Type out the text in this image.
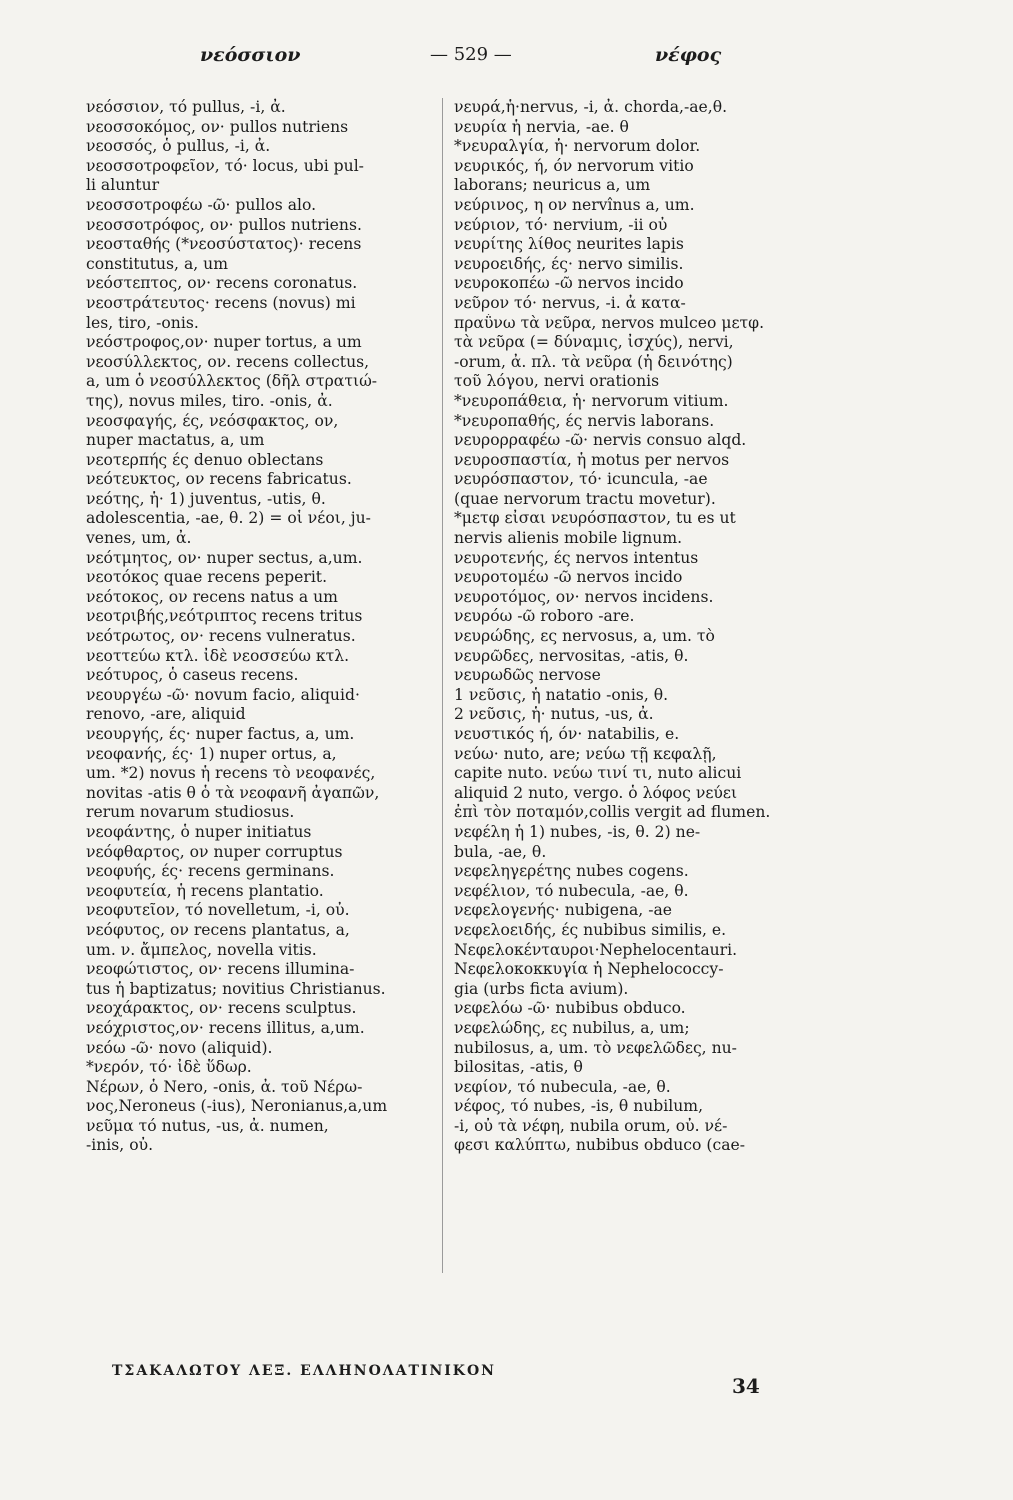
νεόσσιον	— 529 —	νέφος
νεόσσιον, τό pullus, -i, ἀ.
νεοσσοκόμος, ον· pullos nutriens
νεοσσός, ὁ pullus, -i, ἀ.
νεοσσοτροφεῖον, τό· locus, ubi pul-
li aluntur
νεοσσοτροφέω -ῶ· pullos alo.
νεοσσοτρόφος, ον· pullos nutriens.
νεοσταθής (*νεοσύστατος)· recens
constitutus, a, um
νεόστεπτος, ον· recens coronatus.
νεοστράτευτος· recens (novus) mi
les, tiro, -onis.
νεόστροφος,ον· nuper tortus, a um
νεοσύλλεκτος, ον. recens collectus,
a, um ὁ νεοσύλλεκτος (δῆλ στρατιώ-
της), novus miles, tiro. -onis, ἀ.
νεοσφαγής, ές, νεόσφακτος, ον,
nuper mactatus, a, um
νεοτερπής ές denuo oblectans
νεότευκτος, ον recens fabricatus.
νεότης, ἡ· 1) juventus, -utis, θ.
adolescentia, -ae, θ. 2) = οἱ νέοι, ju-
venes, um, ἀ.
νεότμητος, ον· nuper sectus, a,um.
νεοτόκος quae recens peperit.
νεότοκος, ον recens natus a um
νεοτριβής,νεότριπτος recens tritus
νεότρωτος, ον· recens vulneratus.
νεοττεύω κτλ. ἰδὲ νεοσσεύω κτλ.
νεότυρος, ὁ caseus recens.
νεουργέω -ῶ· novum facio, aliquid·
renovo, -are, aliquid
νεουργής, ές· nuper factus, a, um.
νεοφανής, ές· 1) nuper ortus, a,
um. *2) novus ἡ recens τὸ νεοφανές,
novitas -atis θ ὁ τὰ νεοφανῆ ἀγαπῶν,
rerum novarum studiosus.
νεοφάντης, ὁ nuper initiatus
νεόφθαρτος, ον nuper corruptus
νεοφυής, ές· recens germinans.
νεοφυτεία, ἡ recens plantatio.
νεοφυτεῖον, τό novelletum, -i, οὐ.
νεόφυτος, ον recens plantatus, a,
um. ν. ἄμπελος, novella vitis.
νεοφώτιστος, ον· recens illumina-
tus ἡ baptizatus; novitius Christianus.
νεοχάρακτος, ον· recens sculptus.
νεόχριστος,ον· recens illitus, a,um.
νεόω -ῶ· novo (aliquid).
*νερόν, τό· ἰδὲ ὕδωρ.
Νέρων, ὁ Nero, -onis, ἀ. τοῦ Νέρω-
νος,Neroneus (-ius), Neronianus,a,um
νεῦμα τό nutus, -us, ἀ. numen,
-inis, οὐ.
νευρά,ἡ·nervus, -i, ἀ. chorda,-ae,θ.
νευρία ἡ nervia, -ae. θ
*νευραλγία, ἡ· nervorum dolor.
νευρικός, ή, όν nervorum vitio
laborans; neuricus a, um
νεύρινος, η ον nervînus a, um.
νεύριον, τό· nervium, -ii οὐ
νευρίτης λίθος neurites lapis
νευροειδής, ές· nervo similis.
νευροκοπέω -ῶ nervos incido
νεῦρον τό· nervus, -i. ἀ κατα-
πραΰνω τὰ νεῦρα, nervos mulceo μετφ.
τὰ νεῦρα (= δύναμις, ἰσχύς), nervi,
-orum, ἀ. πλ. τὰ νεῦρα (ἡ δεινότης)
τοῦ λόγου, nervi orationis
*νευροπάθεια, ἡ· nervorum vitium.
*νευροπαθής, ές nervis laborans.
νευρορραφέω -ῶ· nervis consuo alqd.
νευροσπαστία, ἡ motus per nervos
νευρόσπαστον, τό· icuncula, -ae
(quae nervorum tractu movetur).
*μετφ εἶσαι νευρόσπαστον, tu es ut
nervis alienis mobile lignum.
νευροτενής, ές nervos intentus
νευροτομέω -ῶ nervos incido
νευροτόμος, ον· nervos incidens.
νευρόω -ῶ roboro -are.
νευρώδης, ες nervosus, a, um. τὸ
νευρῶδες, nervositas, -atis, θ.
νευρωδῶς nervose
1 νεῦσις, ἡ natatio -onis, θ.
2 νεῦσις, ἡ· nutus, -us, ἀ.
νευστικός ή, όν· natabilis, e.
νεύω· nuto, are; νεύω τῇ κεφαλῇ,
capite nuto. νεύω τινί τι, nuto alicui
aliquid 2 nuto, vergo. ὁ λόφος νεύει
ἐπὶ τὸν ποταμόν,collis vergit ad flumen.
νεφέλη ἡ 1) nubes, -is, θ. 2) ne-
bula, -ae, θ.
νεφεληγερέτης nubes cogens.
νεφέλιον, τό nubecula, -ae, θ.
νεφελογενής· nubigena, -ae
νεφελοειδής, ές nubibus similis, e.
Νεφελοκένταυροι·Nephelocentauri.
Νεφελοκοκκυγία ἡ Nephelococcy-
gia (urbs ficta avium).
νεφελόω -ῶ· nubibus obduco.
νεφελώδης, ες nubilus, a, um;
nubilosus, a, um. τὸ νεφελῶδες, nu-
bilositas, -atis, θ
νεφίον, τό nubecula, -ae, θ.
νέφος, τό nubes, -is, θ nubilum,
-i, οὐ τὰ νέφη, nubila orum, οὐ. νέ-
φεσι καλύπτω, nubibus obduco (cae-
ΤΣΑΚΑΛΩΤΟΥ ΛΕΞ. ΕΛΛΗΝΟΛΑΤΙΝΙΚΟΝ
34
